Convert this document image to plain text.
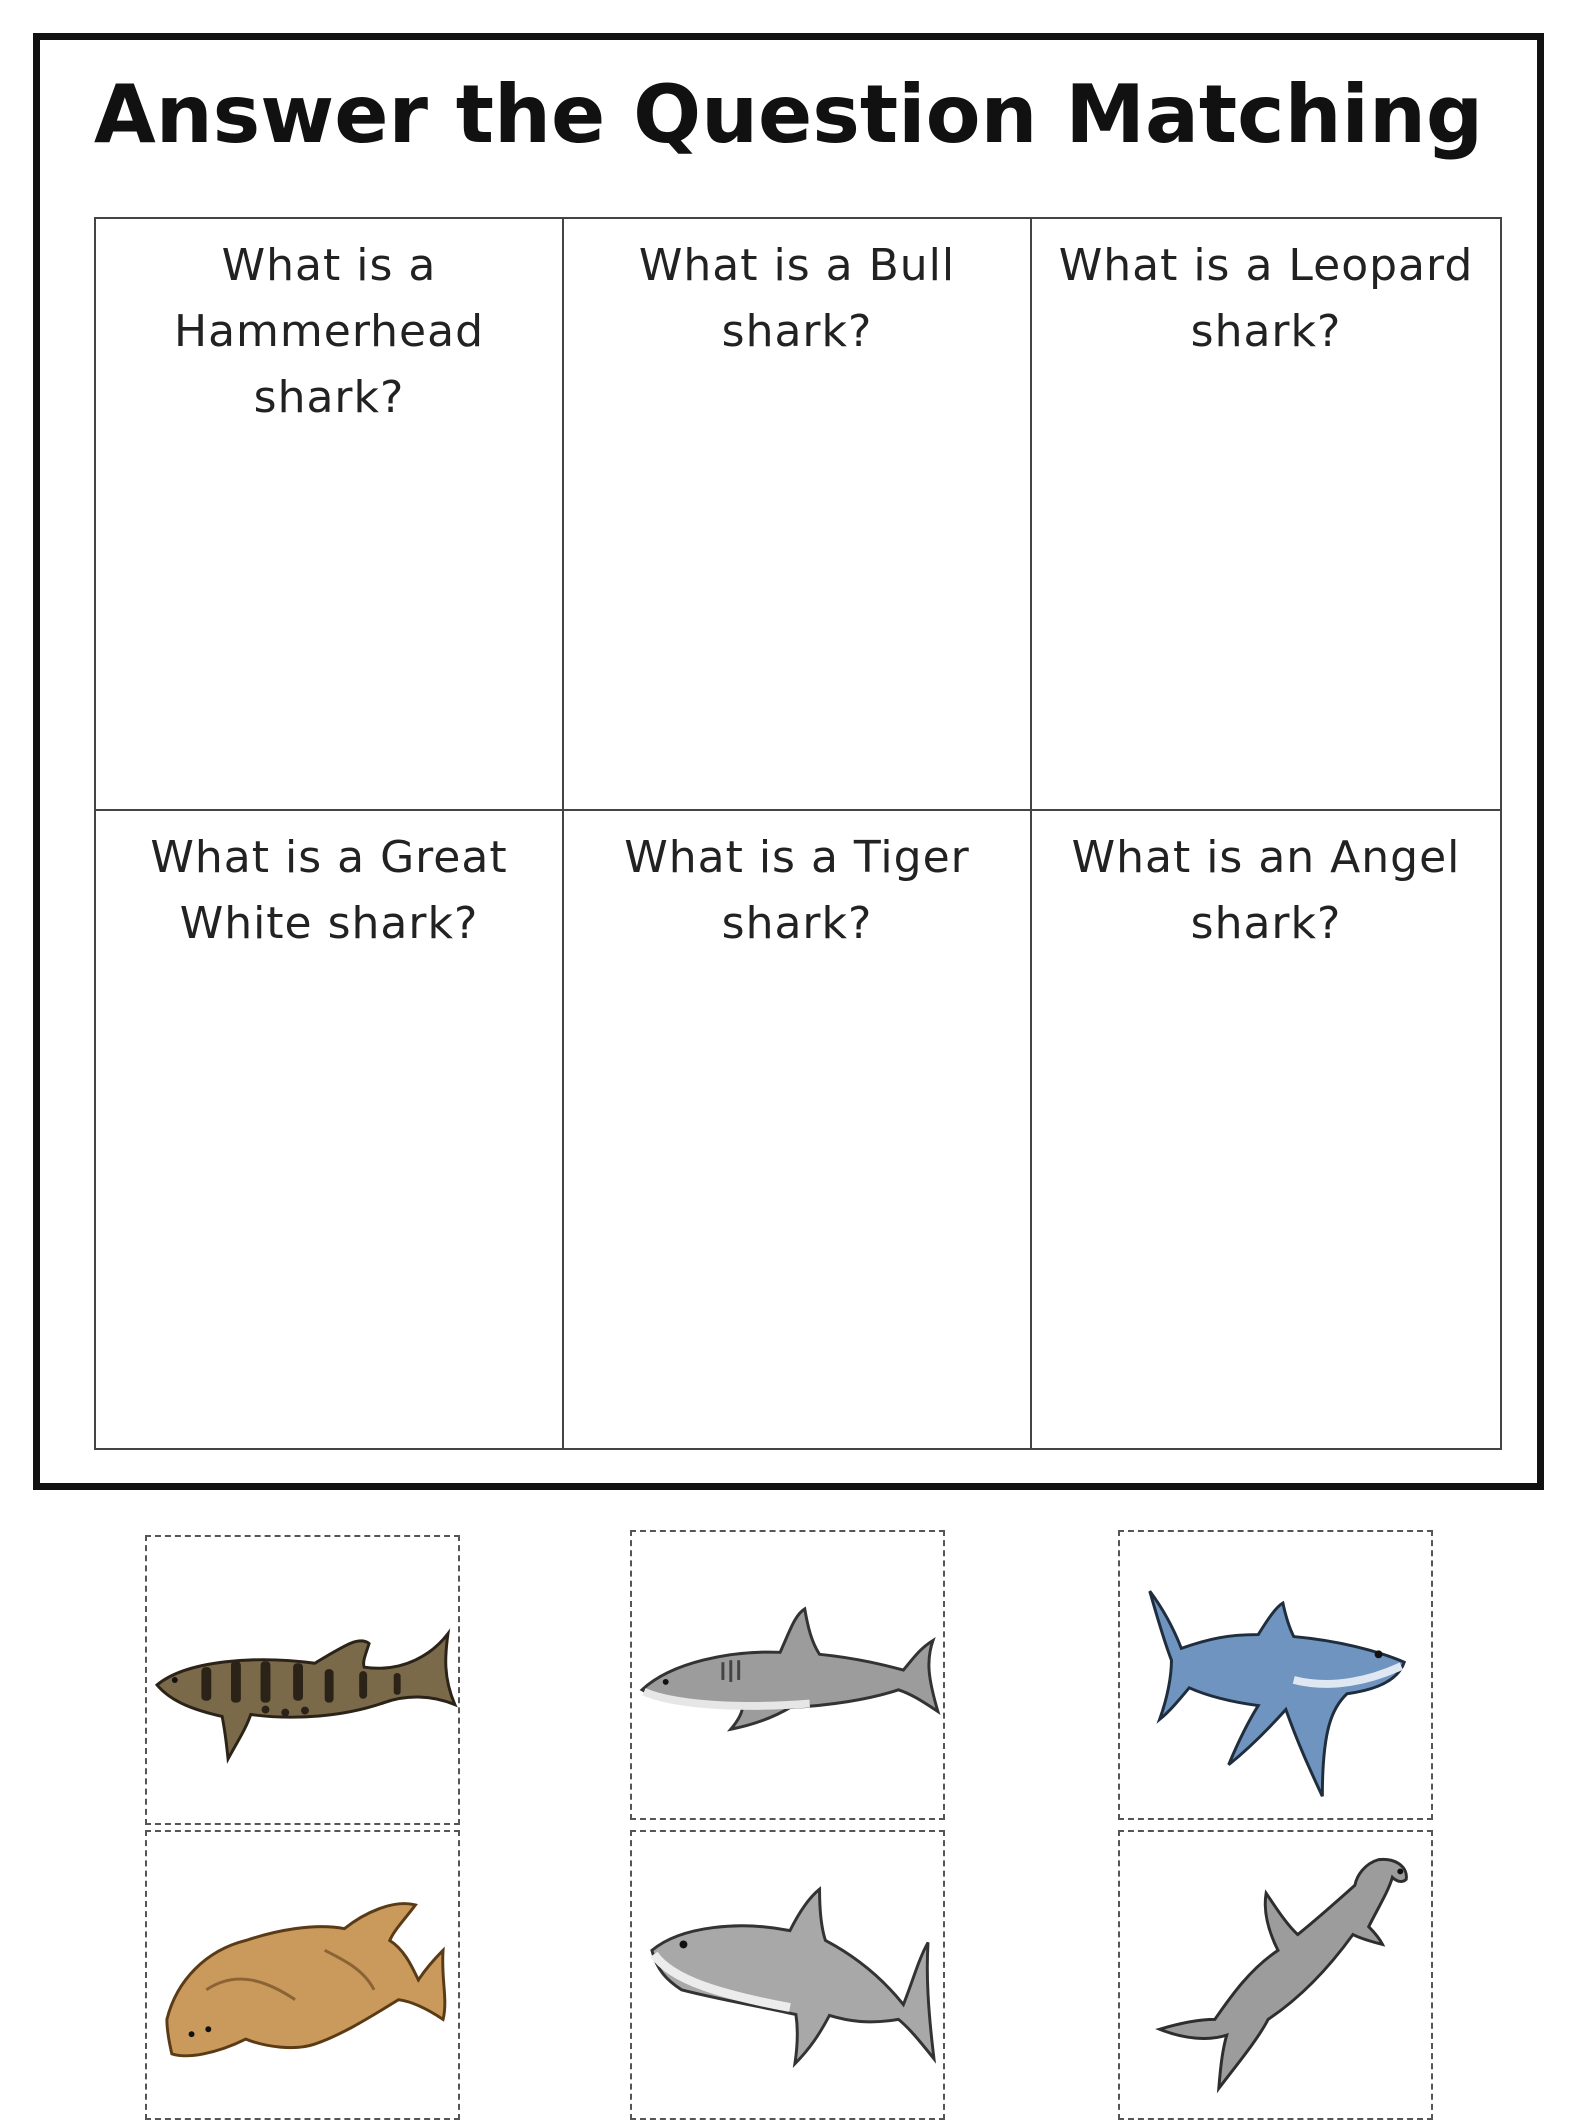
Answer the Question Matching

What is a Hammerhead shark?

What is a Bull shark?

What is a Leopard shark?

What is a Great White shark?

What is a Tiger shark?

What is an Angel shark?
